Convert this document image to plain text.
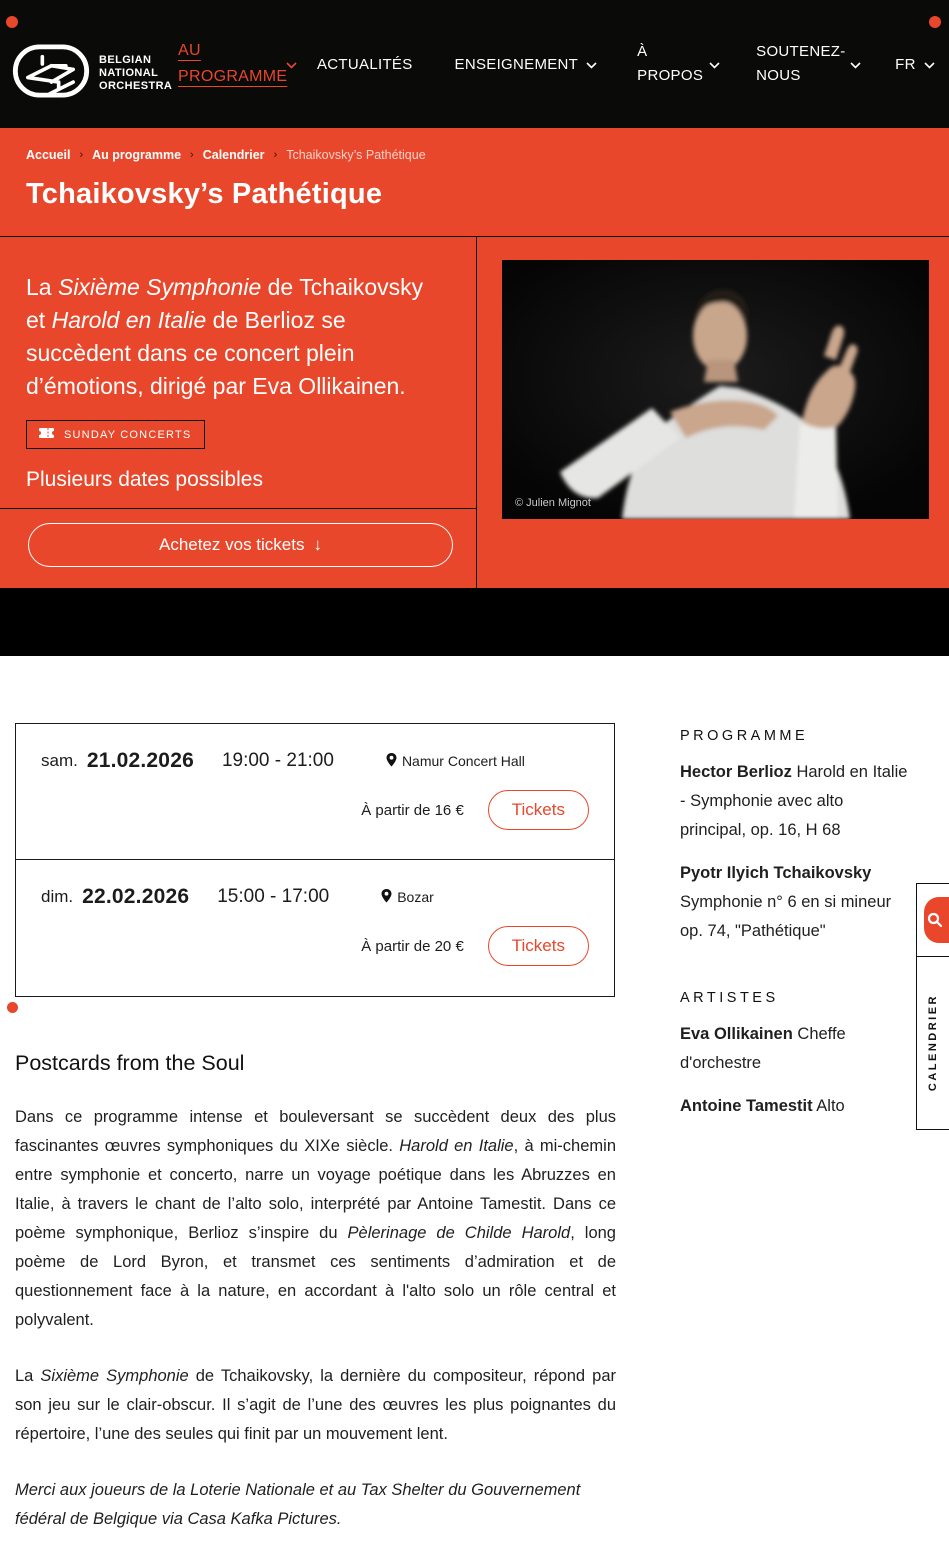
BELGIAN
NATIONAL
ORCHESTRA
AU PROGRAMME
ACTUALITÉS	ENSEIGNEMENT
À PROPOS
SOUTENEZ-NOUS
FR
Accueil › Au programme › Calendrier › Tchaikovsky’s Pathétique
Tchaikovsky’s Pathétique

La Sixième Symphonie de Tchaikovsky et Harold en Italie de Berlioz se succèdent dans ce concert plein d’émotions, dirigé par Eva Ollikainen.

SUNDAY CONCERTS

Plusieurs dates possibles

Achetez vos tickets ↓
© Julien Mignot
sam. 21.02.2026 19:00 - 21:00	Namur Concert Hall
À partir de 16 €	Tickets
dim. 22.02.2026 15:00 - 17:00	Bozar
À partir de 20 €	Tickets
Postcards from the Soul

Dans ce programme intense et bouleversant se succèdent deux des plus fascinantes œuvres symphoniques du XIXe siècle. Harold en Italie, à mi-chemin entre symphonie et concerto, narre un voyage poétique dans les Abruzzes en Italie, à travers le chant de l’alto solo, interprété par Antoine Tamestit. Dans ce poème symphonique, Berlioz s’inspire du Pèlerinage de Childe Harold, long poème de Lord Byron, et transmet ces sentiments d’admiration et de questionnement face à la nature, en accordant à l'alto solo un rôle central et polyvalent.

La Sixième Symphonie de Tchaikovsky, la dernière du compositeur, répond par son jeu sur le clair-obscur. Il s’agit de l’une des œuvres les plus poignantes du répertoire, l’une des seules qui finit par un mouvement lent.

Merci aux joueurs de la Loterie Nationale et au Tax Shelter du Gouvernement fédéral de Belgique via Casa Kafka Pictures.

PROGRAMME

Hector Berlioz Harold en Italie - Symphonie avec alto principal, op. 16, H 68

Pyotr Ilyich Tchaikovsky Symphonie n° 6 en si mineur op. 74, "Pathétique"

ARTISTES

Eva Ollikainen Cheffe d'orchestre

Antoine Tamestit Alto

CALENDRIER
